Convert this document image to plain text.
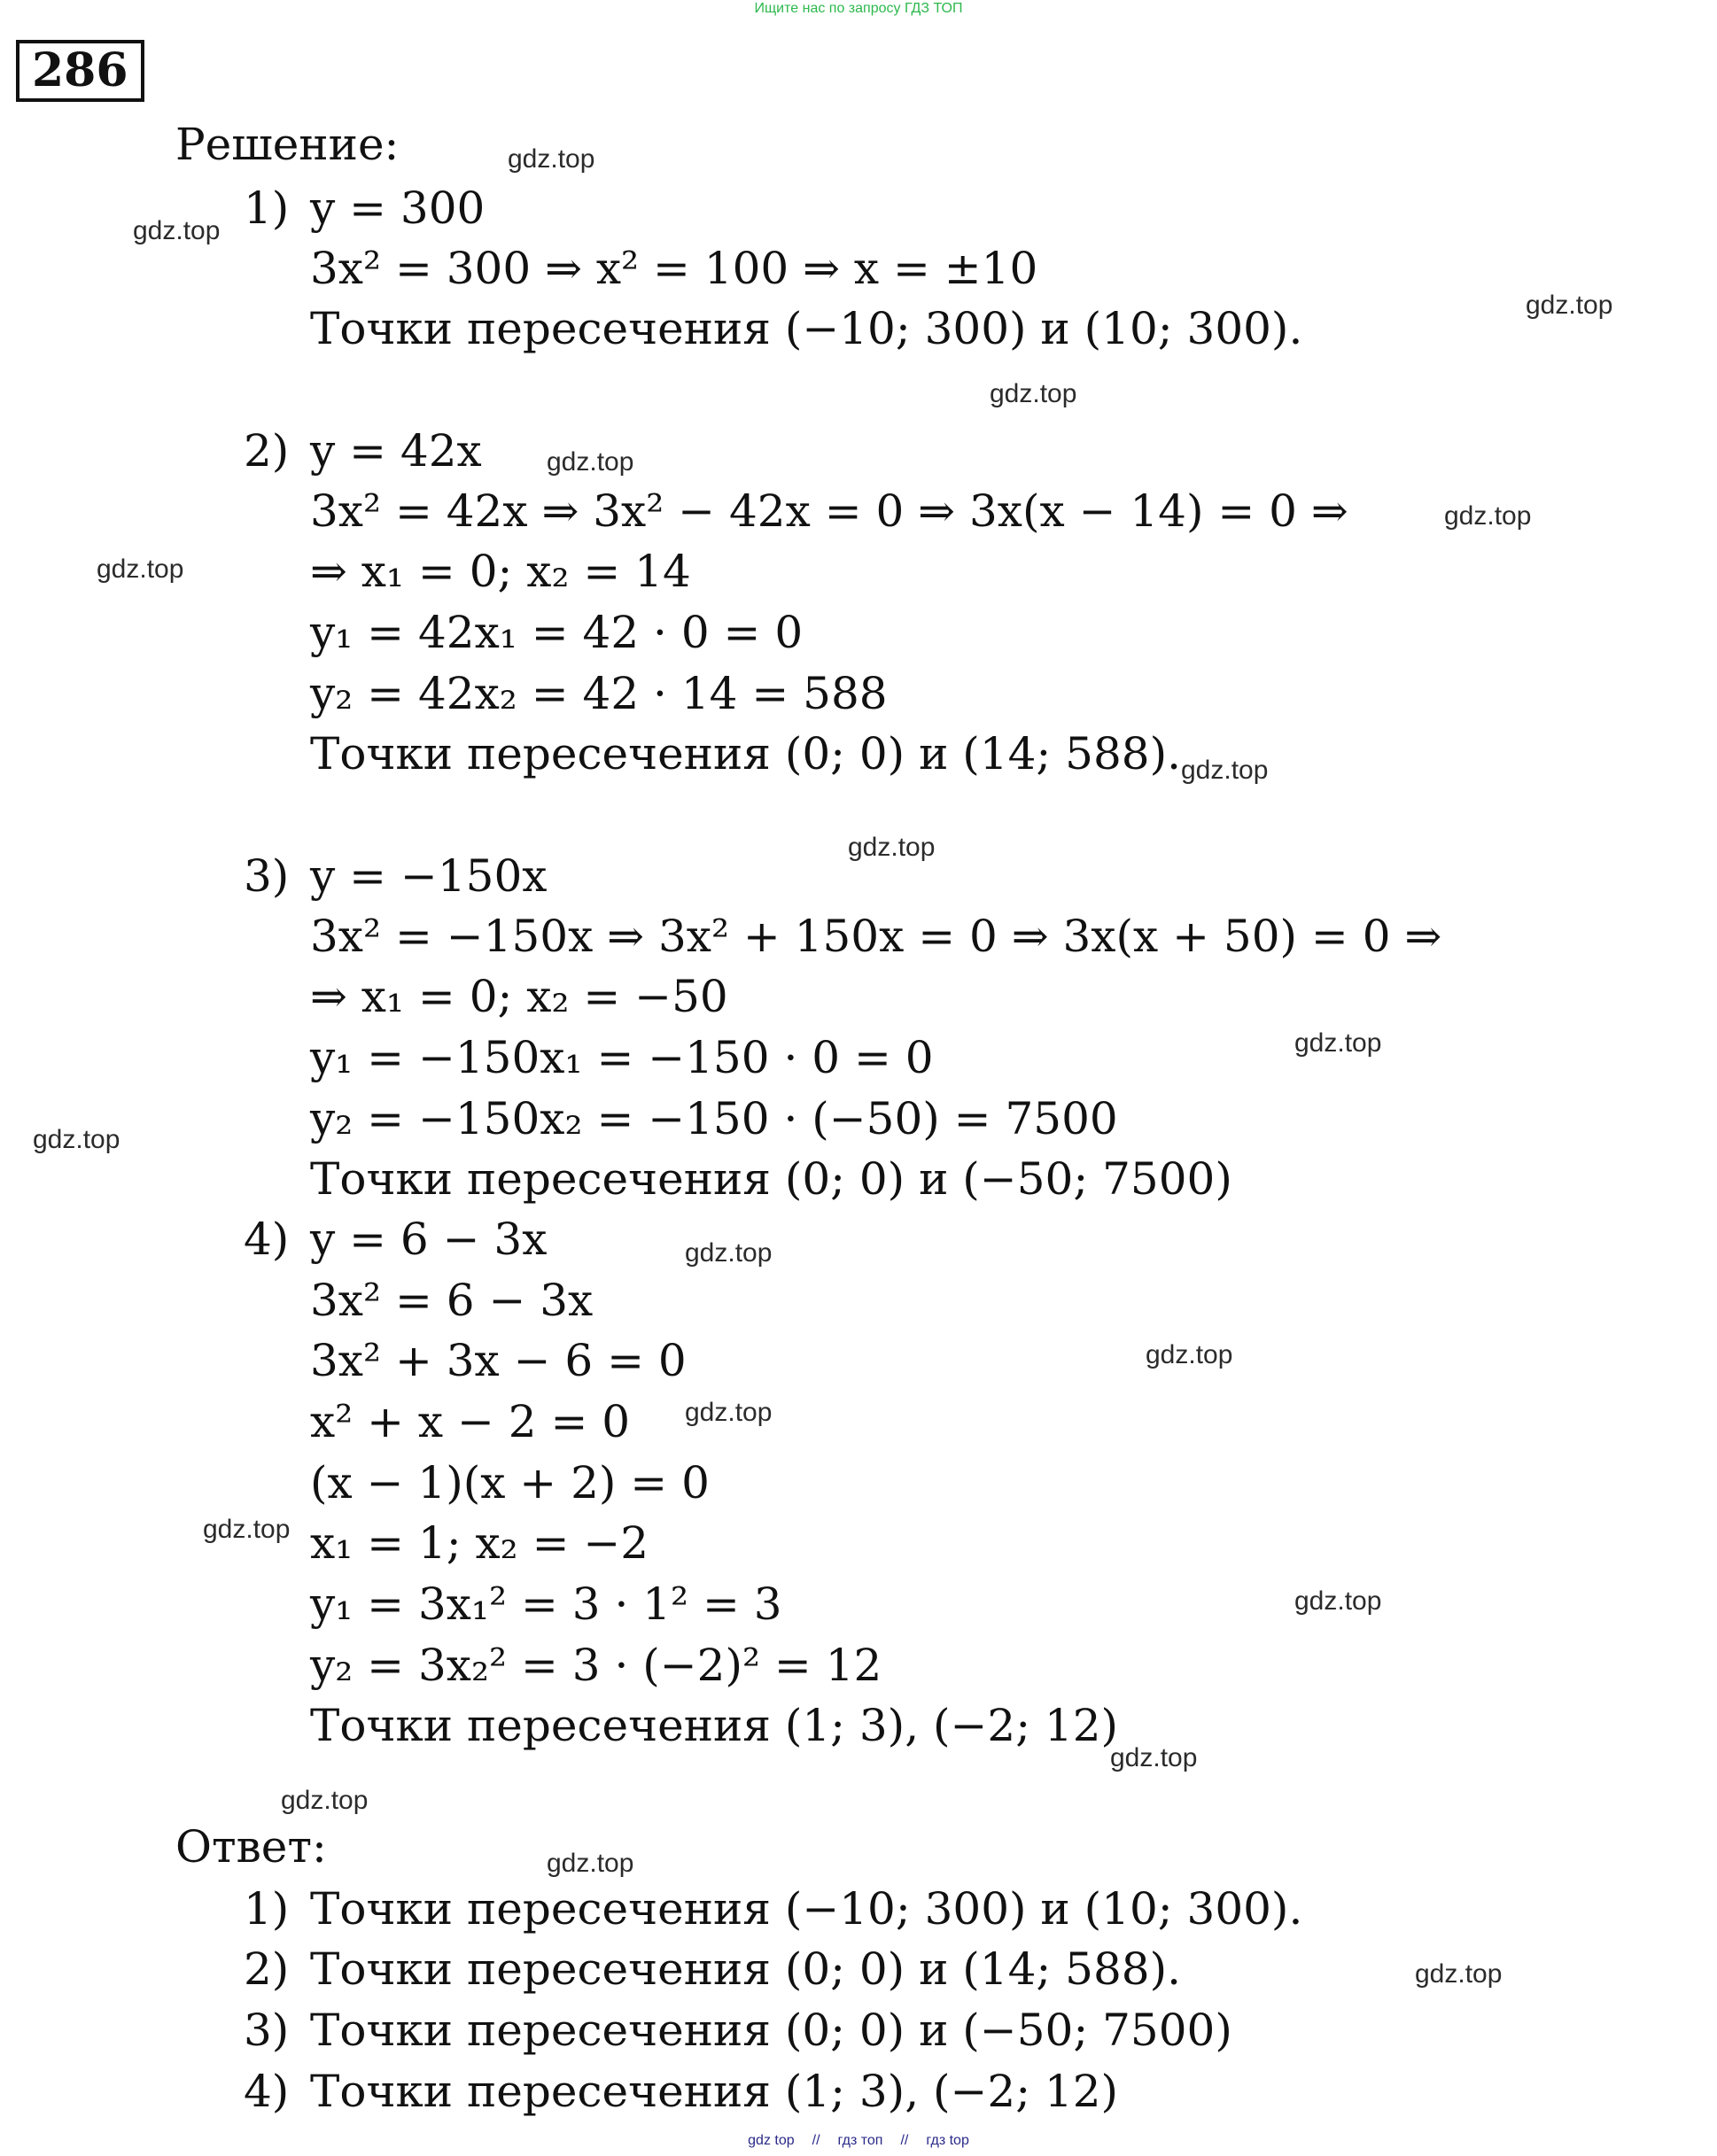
Ищите нас по запросу ГДЗ ТОП
286
Решение:
1) y = 300
3x² = 300 ⇒ x² = 100 ⇒ x = ±10
Точки пересечения (−10; 300) и (10; 300).
2) y = 42x
3x² = 42x ⇒ 3x² − 42x = 0 ⇒ 3x(x − 14) = 0 ⇒
⇒ x₁ = 0; x₂ = 14
y₁ = 42x₁ = 42 · 0 = 0
y₂ = 42x₂ = 42 · 14 = 588
Точки пересечения (0; 0) и (14; 588).
3) y = −150x
3x² = −150x ⇒ 3x² + 150x = 0 ⇒ 3x(x + 50) = 0 ⇒
⇒ x₁ = 0; x₂ = −50
y₁ = −150x₁ = −150 · 0 = 0
y₂ = −150x₂ = −150 · (−50) = 7500
Точки пересечения (0; 0) и (−50; 7500)
4) y = 6 − 3x
3x² = 6 − 3x
3x² + 3x − 6 = 0
x² + x − 2 = 0
(x − 1)(x + 2) = 0
x₁ = 1; x₂ = −2
y₁ = 3x₁² = 3 · 1² = 3
y₂ = 3x₂² = 3 · (−2)² = 12
Точки пересечения (1; 3), (−2; 12)
Ответ:
1) Точки пересечения (−10; 300) и (10; 300).
2) Точки пересечения (0; 0) и (14; 588).
3) Точки пересечения (0; 0) и (−50; 7500)
4) Точки пересечения (1; 3), (−2; 12)
gdz.top
gdz.top
gdz.top
gdz.top
gdz.top
gdz.top
gdz.top
gdz.top
gdz.top
gdz.top
gdz.top
gdz.top
gdz.top
gdz.top
gdz.top
gdz.top
gdz.top
gdz.top
gdz.top
gdz.top
gdz top // гдз топ // гдз top
